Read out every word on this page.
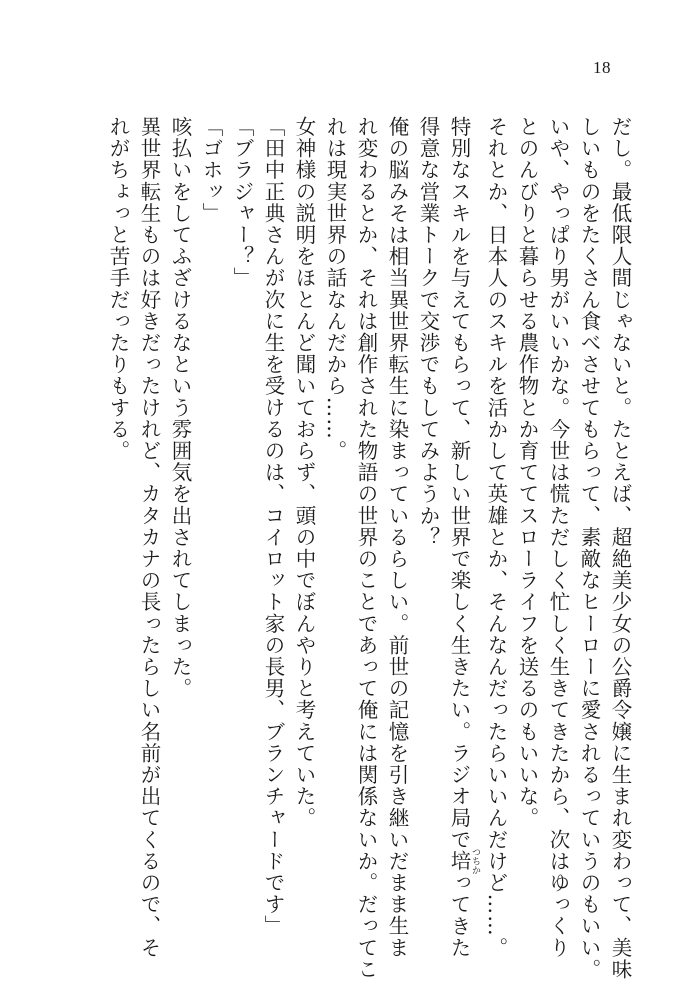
18

だし。最低限人間じゃないと。たとえば、超絶美少女の公爵令嬢に生まれ変わって、美味

しいものをたくさん食べさせてもらって、素敵なヒーローに愛されるっていうのもいい。

いや、やっぱり男がいいかな。今世は慌ただしく忙しく生きてきたから、次はゆっくり

とのんびりと暮らせる農作物とか育ててスローライフを送るのもいいな。

それとか、日本人のスキルを活かして英雄とか、そんなんだったらいいんだけど……。

特別なスキルを与えてもらって、新しい世界で楽しく生きたい。ラジオ局で培 つちかってきた

得意な営業トークで交渉でもしてみようか？

俺の脳みそは相当異世界転生に染まっているらしい。前世の記憶を引き継いだまま生ま

れ変わるとか、それは創作された物語の世界のことであって俺には関係ないか。だってこ

れは現実世界の話なんだから……。

女神様の説明をほとんど聞いておらず、頭の中でぼんやりと考えていた。

「田中正典さんが次に生を受けるのは、コイロット家の長男、ブランチャードです」

「ブラジャー？」

「ゴホッ」

咳払いをしてふざけるなという雰囲気を出されてしまった。

異世界転生ものは好きだったけれど、カタカナの長ったらしい名前が出てくるので、そ

れがちょっと苦手だったりもする。
